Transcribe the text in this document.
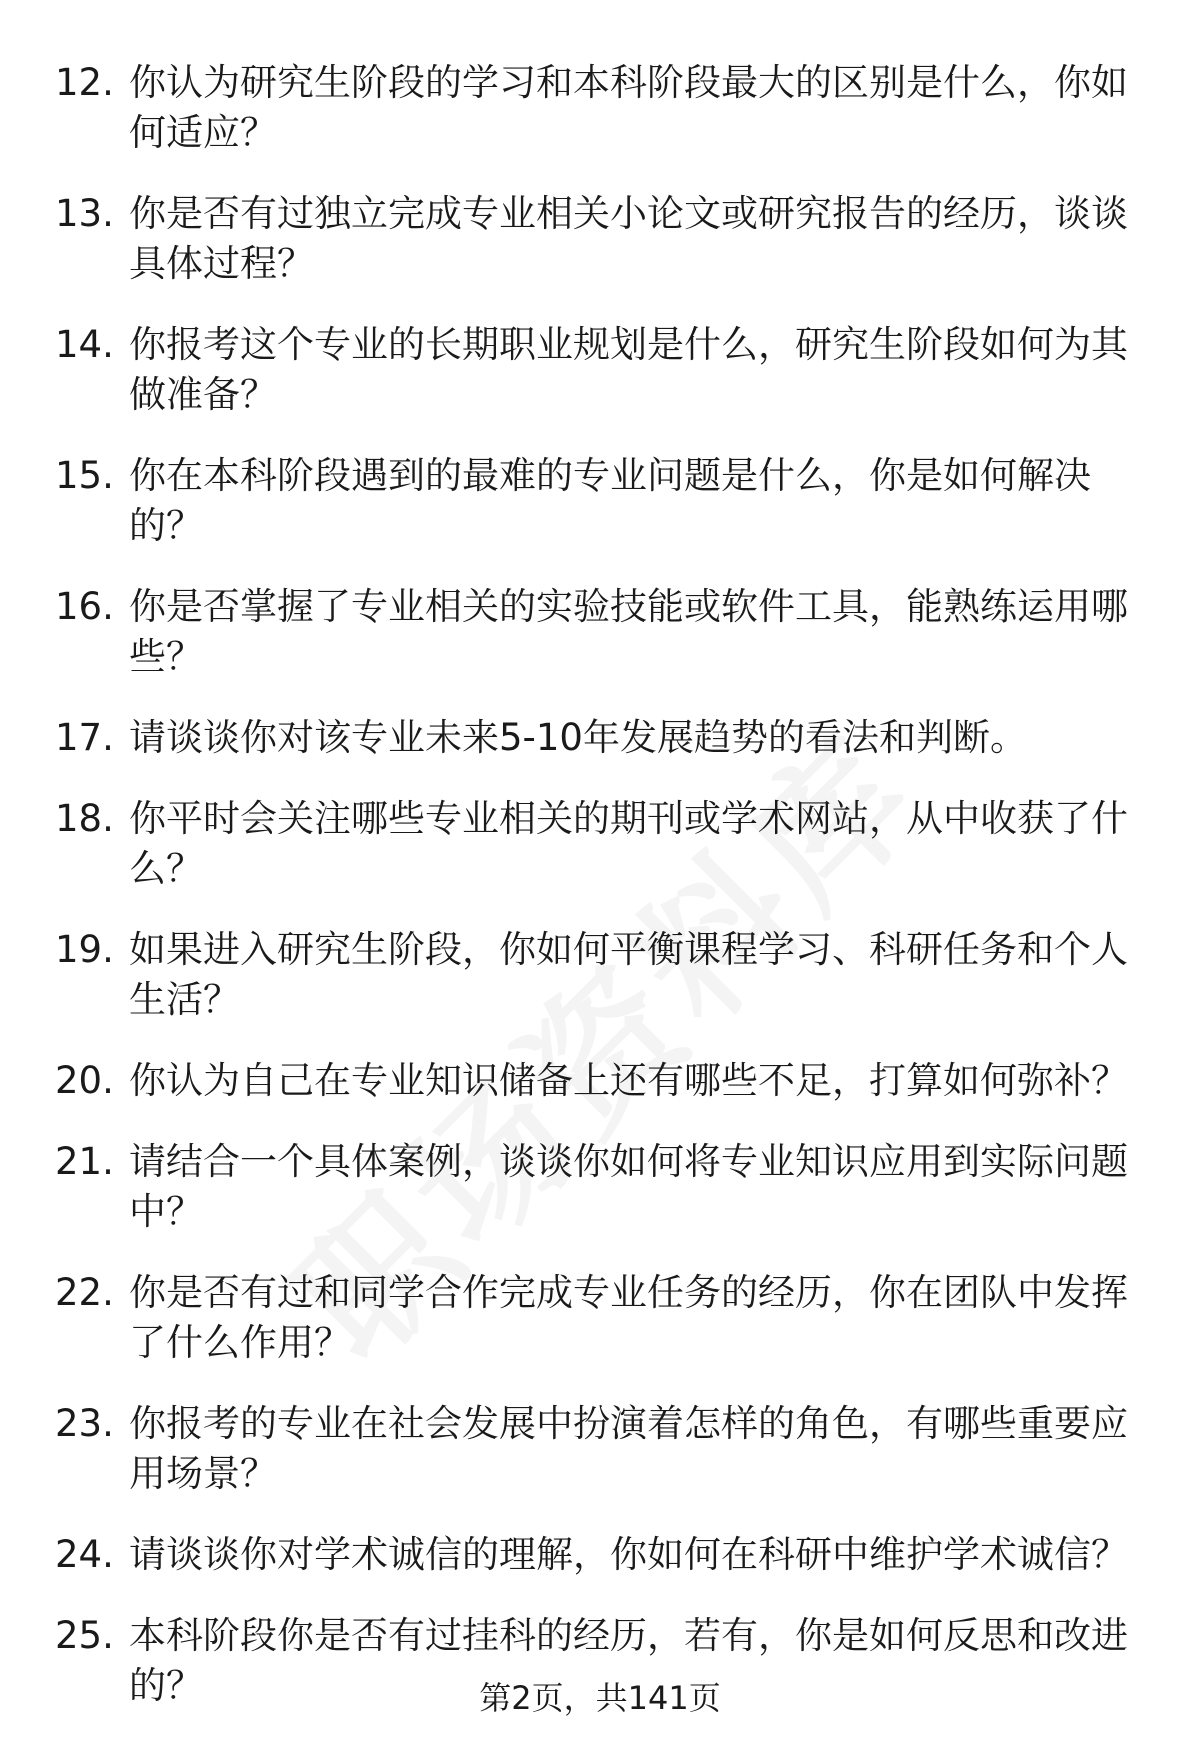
12. 你认为研究生阶段的学习和本科阶段最大的区别是什么，你如何适应？
13. 你是否有过独立完成专业相关小论文或研究报告的经历，谈谈具体过程？
14. 你报考这个专业的长期职业规划是什么，研究生阶段如何为其做准备？
15. 你在本科阶段遇到的最难的专业问题是什么，你是如何解决的？
16. 你是否掌握了专业相关的实验技能或软件工具，能熟练运用哪些？
17. 请谈谈你对该专业未来5-10年发展趋势的看法和判断。
18. 你平时会关注哪些专业相关的期刊或学术网站，从中收获了什么？
19. 如果进入研究生阶段，你如何平衡课程学习、科研任务和个人生活？
20. 你认为自己在专业知识储备上还有哪些不足，打算如何弥补？
21. 请结合一个具体案例，谈谈你如何将专业知识应用到实际问题中？
22. 你是否有过和同学合作完成专业任务的经历，你在团队中发挥了什么作用？
23. 你报考的专业在社会发展中扮演着怎样的角色，有哪些重要应用场景？
24. 请谈谈你对学术诚信的理解，你如何在科研中维护学术诚信？
25. 本科阶段你是否有过挂科的经历，若有，你是如何反思和改进的？	第2页，共141页
